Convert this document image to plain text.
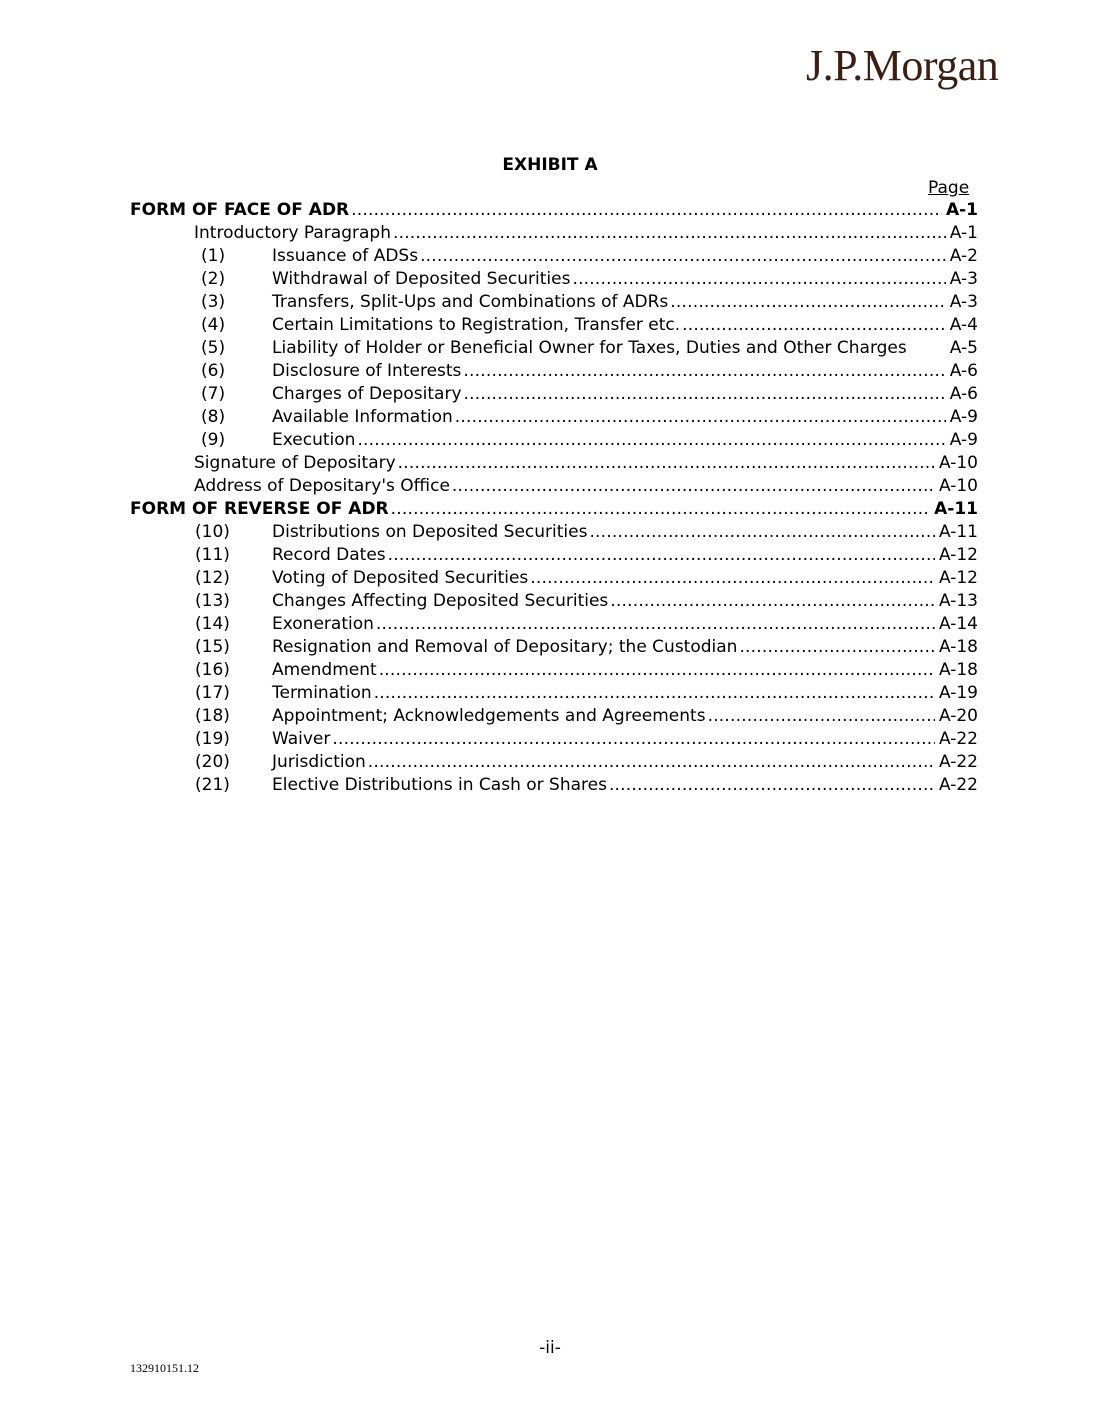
J.P.Morgan
EXHIBIT A
Page
FORM OF FACE OF ADR . . .	A-1
Introductory Paragraph . . .	A-1
(1)	Issuance of ADSs . . .	A-2
(2)	Withdrawal of Deposited Securities . . .	A-3
(3)	Transfers, Split-Ups and Combinations of ADRs . . .	A-3
(4)	Certain Limitations to Registration, Transfer etc. . . .	A-4
(5)	Liability of Holder or Beneficial Owner for Taxes, Duties and Other Charges	A-5
(6)	Disclosure of Interests . . .	A-6
(7)	Charges of Depositary . . .	A-6
(8)	Available Information . . .	A-9
(9)	Execution . . .	A-9
Signature of Depositary . . .	A-10
Address of Depositary's Office . . .	A-10
FORM OF REVERSE OF ADR . . .	A-11
(10)	Distributions on Deposited Securities . . .	A-11
(11)	Record Dates . . .	A-12
(12)	Voting of Deposited Securities . . .	A-12
(13)	Changes Affecting Deposited Securities . . .	A-13
(14)	Exoneration . . .	A-14
(15)	Resignation and Removal of Depositary; the Custodian . . .	A-18
(16)	Amendment . . .	A-18
(17)	Termination . . .	A-19
(18)	Appointment; Acknowledgements and Agreements . . .	A-20
(19)	Waiver . . .	A-22
(20)	Jurisdiction . . .	A-22
(21)	Elective Distributions in Cash or Shares . . .	A-22
-ii-
132910151.12
